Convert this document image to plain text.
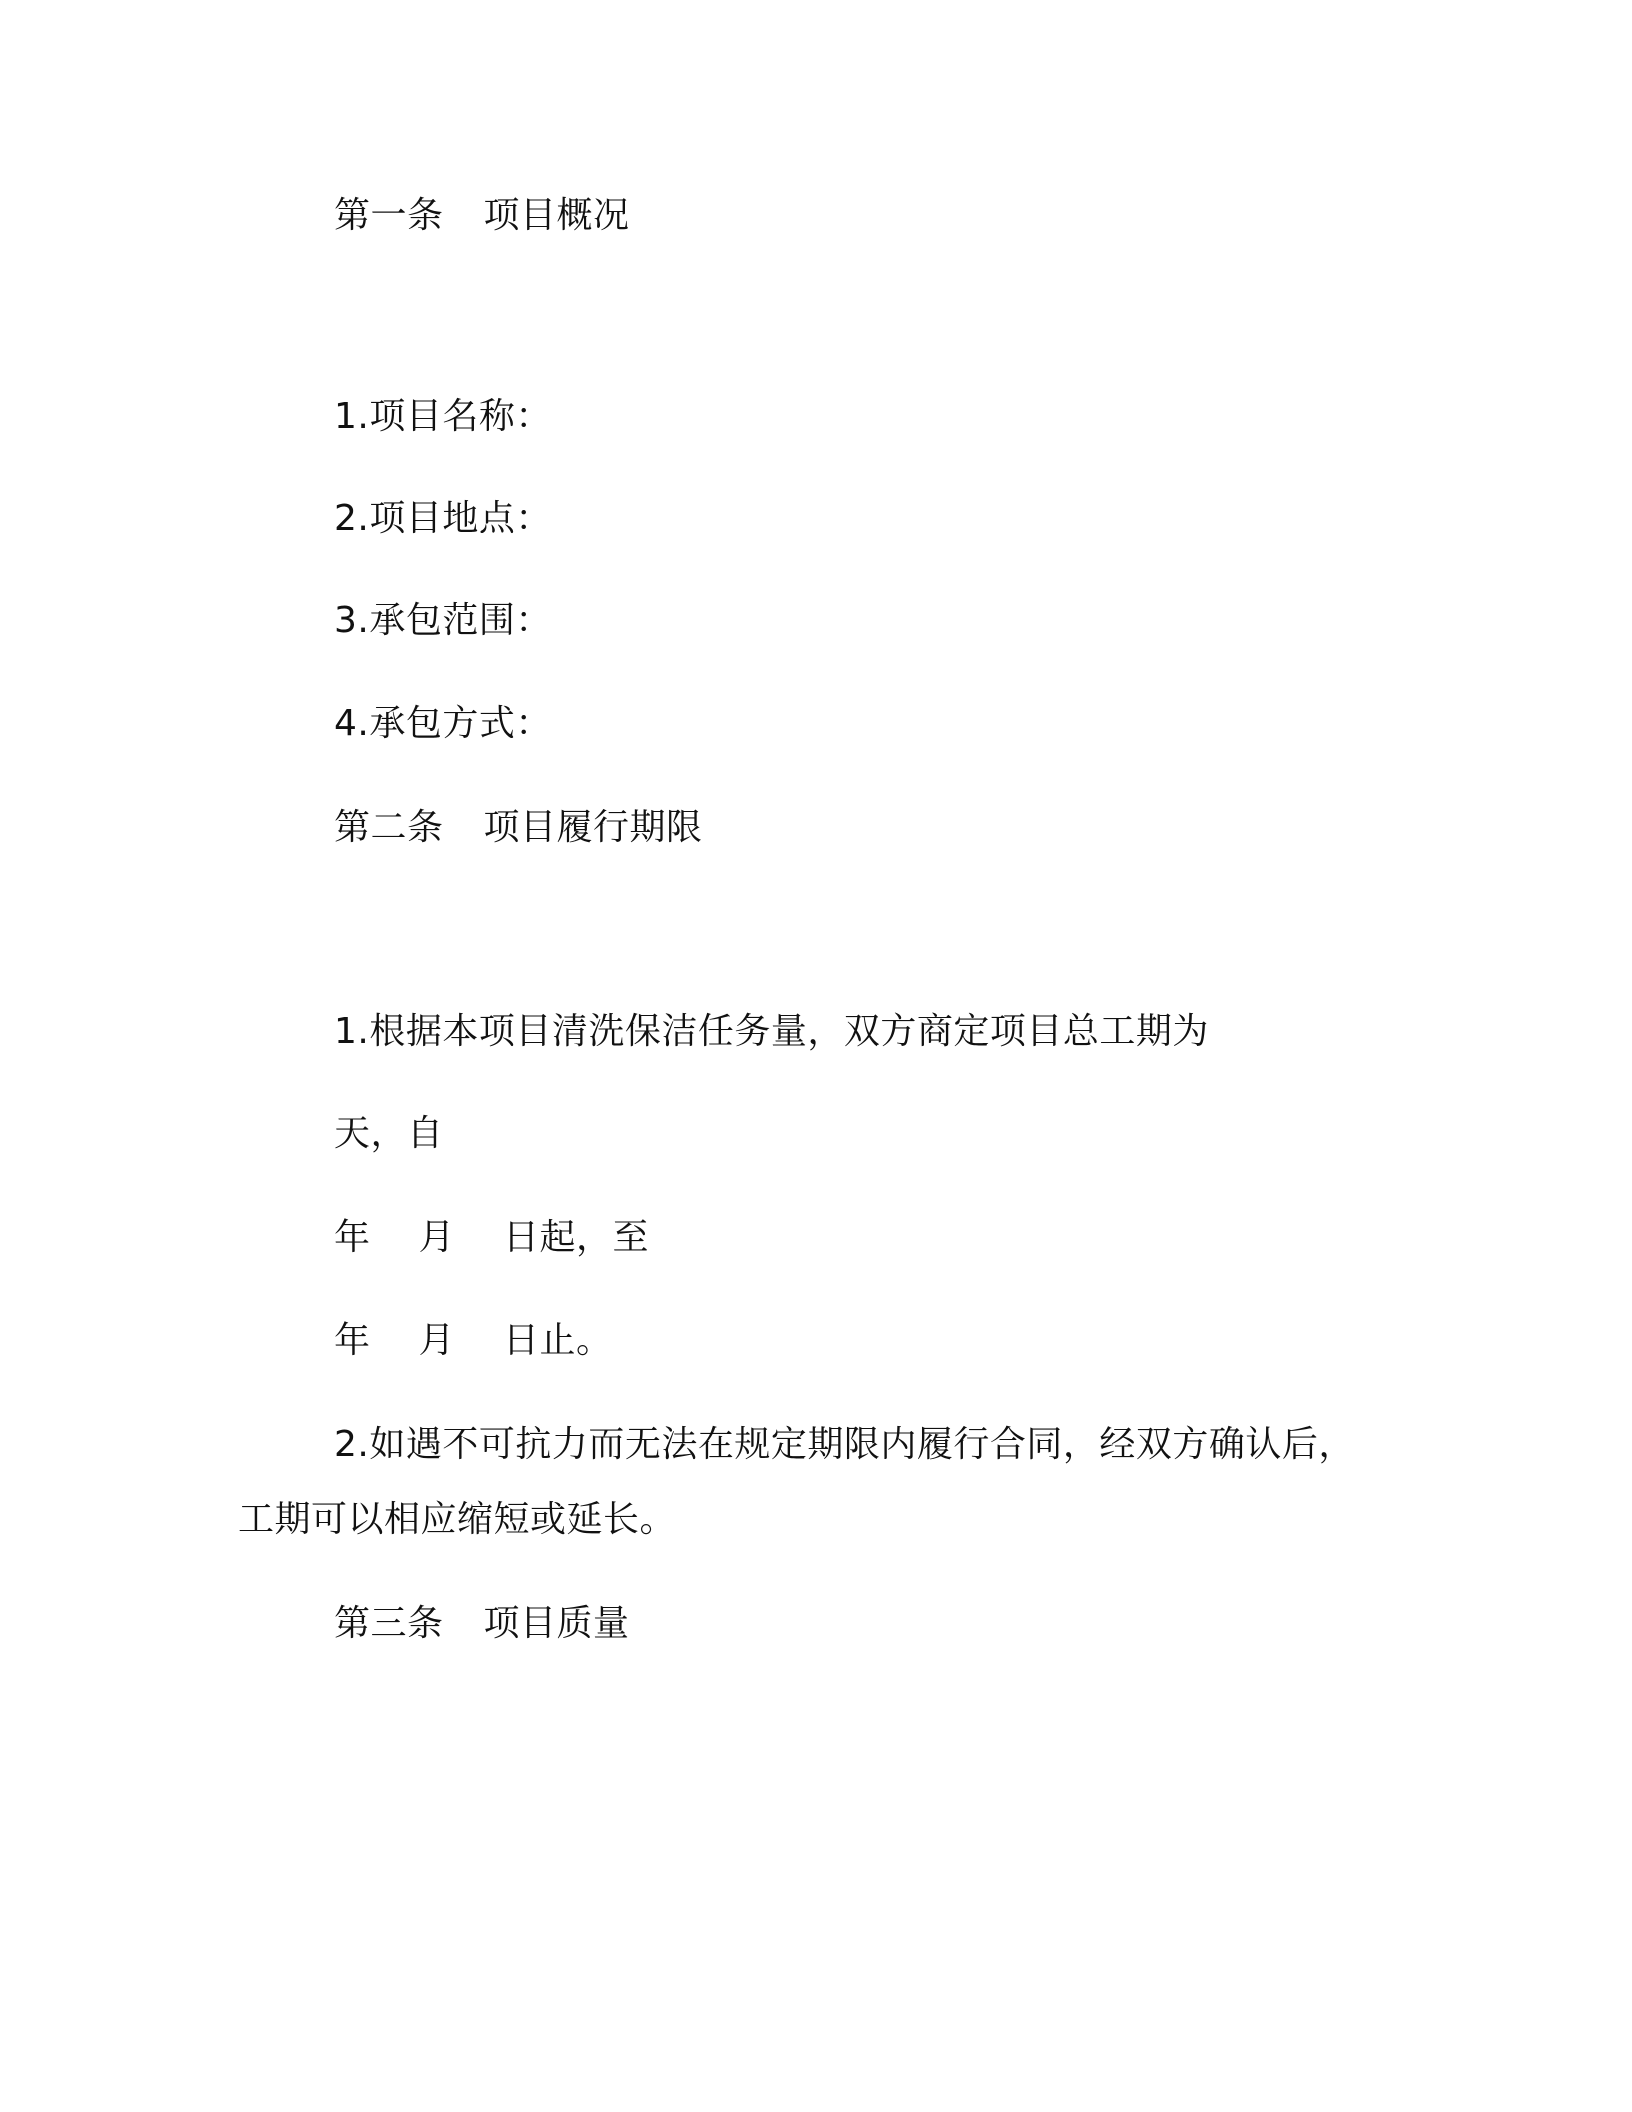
第一条 项目概况
1.项目名称：
2.项目地点：
3.承包范围：
4.承包方式：
第二条 项目履行期限
1.根据本项目清洗保洁任务量，双方商定项目总工期为
天，自
年 月 日起，至
年 月 日止。
2.如遇不可抗力而无法在规定期限内履行合同，经双方确认后，
工期可以相应缩短或延长。
第三条 项目质量
